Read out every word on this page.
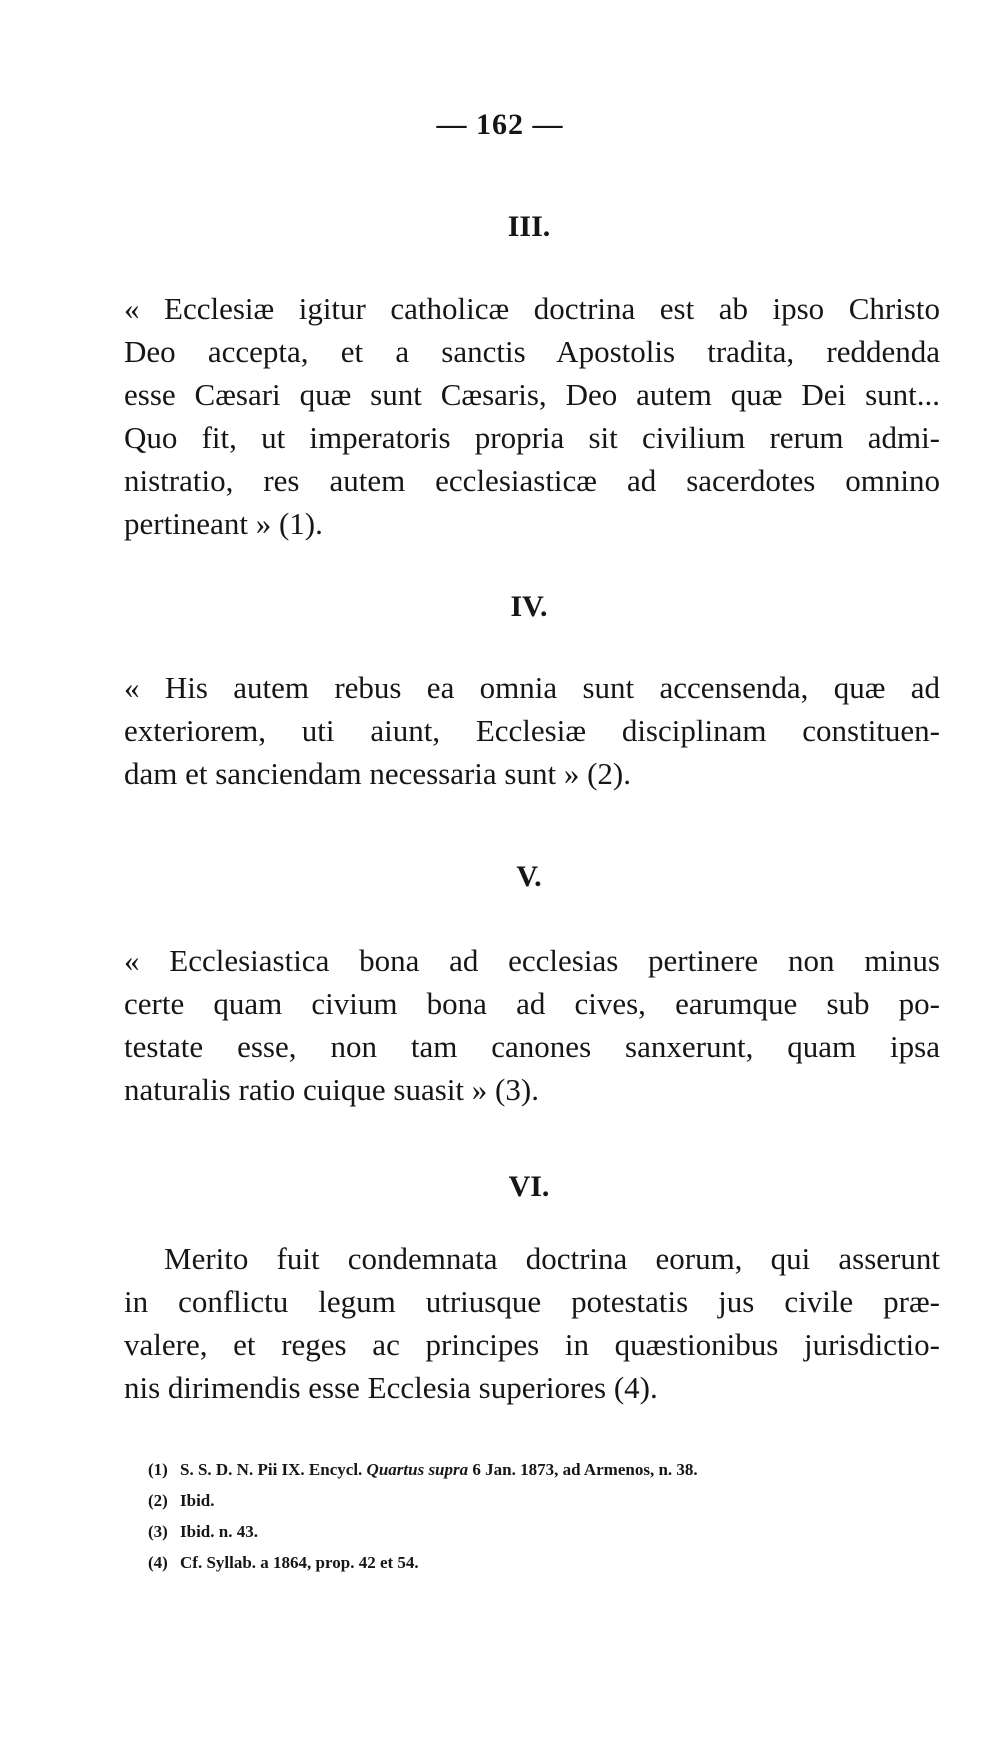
— 162 —
III.
« Ecclesiæ igitur catholicæ doctrina est ab ipso Christo
Deo accepta, et a sanctis Apostolis tradita, reddenda
esse Cæsari quæ sunt Cæsaris, Deo autem quæ Dei sunt...
Quo fit, ut imperatoris propria sit civilium rerum admi-
nistratio, res autem ecclesiasticæ ad sacerdotes omnino
pertineant » (1).
IV.
« His autem rebus ea omnia sunt accensenda, quæ ad
exteriorem, uti aiunt, Ecclesiæ disciplinam constituen-
dam et sanciendam necessaria sunt » (2).
V.
« Ecclesiastica bona ad ecclesias pertinere non minus
certe quam civium bona ad cives, earumque sub po-
testate esse, non tam canones sanxerunt, quam ipsa
naturalis ratio cuique suasit » (3).
VI.
Merito fuit condemnata doctrina eorum, qui asserunt
in conflictu legum utriusque potestatis jus civile præ-
valere, et reges ac principes in quæstionibus jurisdictio-
nis dirimendis esse Ecclesia superiores (4).
(1) S. S. D. N. Pii IX. Encycl. Quartus supra 6 Jan. 1873, ad Armenos, n. 38.
(2) Ibid.
(3) Ibid. n. 43.
(4) Cf. Syllab. a 1864, prop. 42 et 54.
